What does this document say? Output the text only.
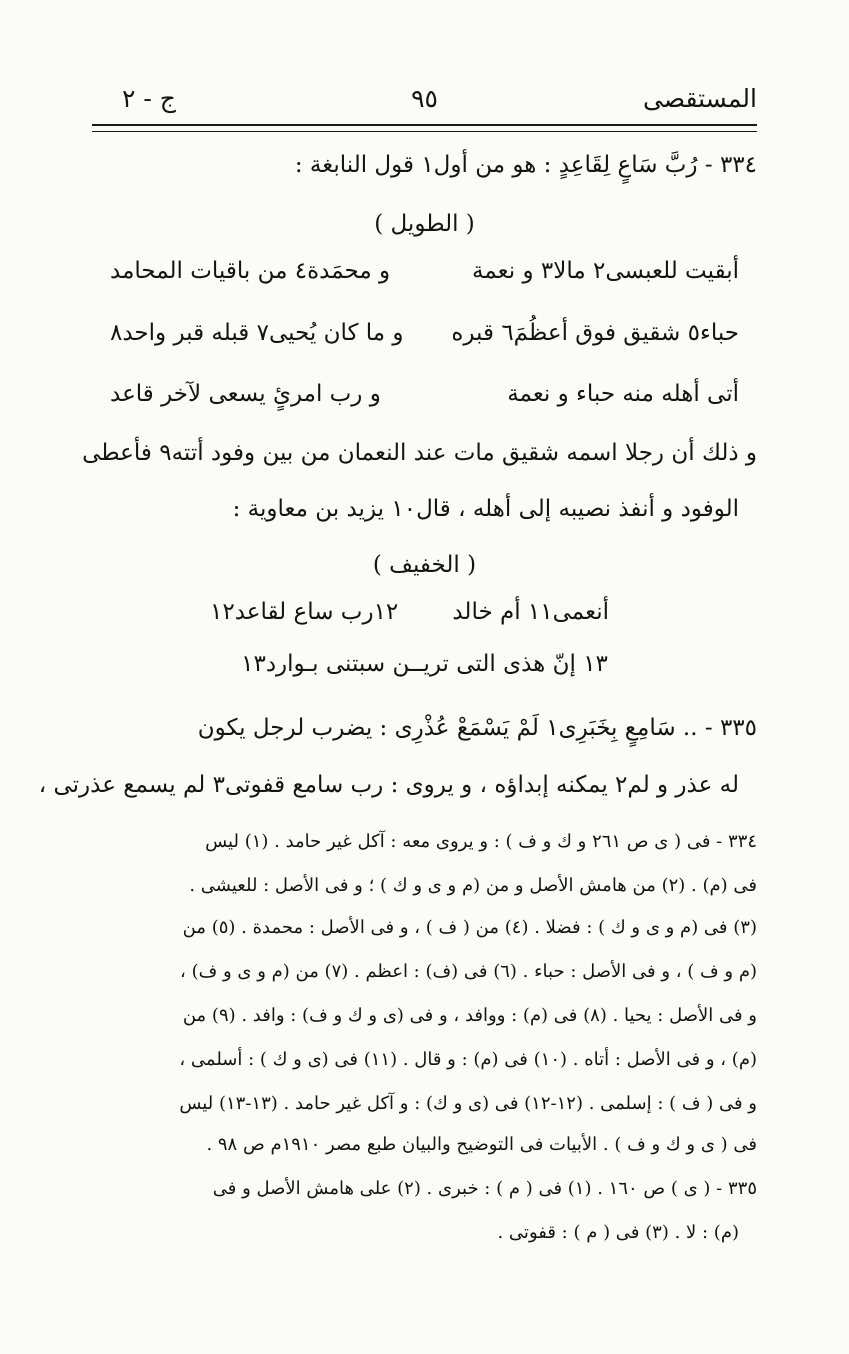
المستقصى
٩٥
ج - ٢
٣٣٤ - رُبَّ سَاعٍ لِقَاعِدٍ : هو من أول١ قول النابغة :
( الطويل )
أبقيت للعبسى٢ مالا٣ و نعمة
و محمَدة٤ من باقيات المحامد
حباء٥ شقيق فوق أعظُمَ٦ قبره
و ما كان يُحيى٧ قبله قبر واحد٨
أتى أهله منه حباء و نعمة
و رب امرئٍ يسعى لآخر قاعد
و ذلك أن رجلا اسمه شقيق مات عند النعمان من بين وفود أتته٩ فأعطى
الوفود و أنفذ نصيبه إلى أهله ، قال١٠ يزيد بن معاوية :
( الخفيف )
أنعمى١١ أم خالد
١٢رب ساع لقاعد١٢
١٣ إنّ هذى التى تريــن سبتنى بـوارد١٣
٣٣٥ - .. سَامِعٍ بِخَبَرِى١ لَمْ يَسْمَعْ عُذْرِى : يضرب لرجل يكون
له عذر و لم٢ يمكنه إبداؤه ، و يروى : رب سامع قفوتى٣ لم يسمع عذرتى ،
٣٣٤ - فى ( ى ص ٢٦١ و ك و ف ) : و يروى معه : آكل غير حامد . (١) ليس
فى (م) . (٢) من هامش الأصل و من (م و ى و ك ) ؛ و فى الأصل : للعيشى .
(٣) فى (م و ى و ك ) : فضلا . (٤) من ( ف ) ، و فى الأصل : محمدة . (٥) من
(م و ف ) ، و فى الأصل : حباء . (٦) فى (ف) : اعظم . (٧) من (م و ى و ف) ،
و فى الأصل : يحيا . (٨) فى (م) : ووافد ، و فى (ى و ك و ف) : وافد . (٩) من
(م) ، و فى الأصل : أتاه . (١٠) فى (م) : و قال . (١١) فى (ى و ك ) : أسلمى ،
و فى ( ف ) : إسلمى . (١٢-١٢) فى (ى و ك) : و آكل غير حامد . (١٣-١٣) ليس
فى ( ى و ك و ف ) . الأبيات فى التوضيح والبيان طبع مصر ١٩١٠م ص ٩٨ .
٣٣٥ - ( ى ) ص ١٦٠ . (١) فى ( م ) : خبرى . (٢) على هامش الأصل و فى
(م) : لا . (٣) فى ( م ) : قفوتى .
